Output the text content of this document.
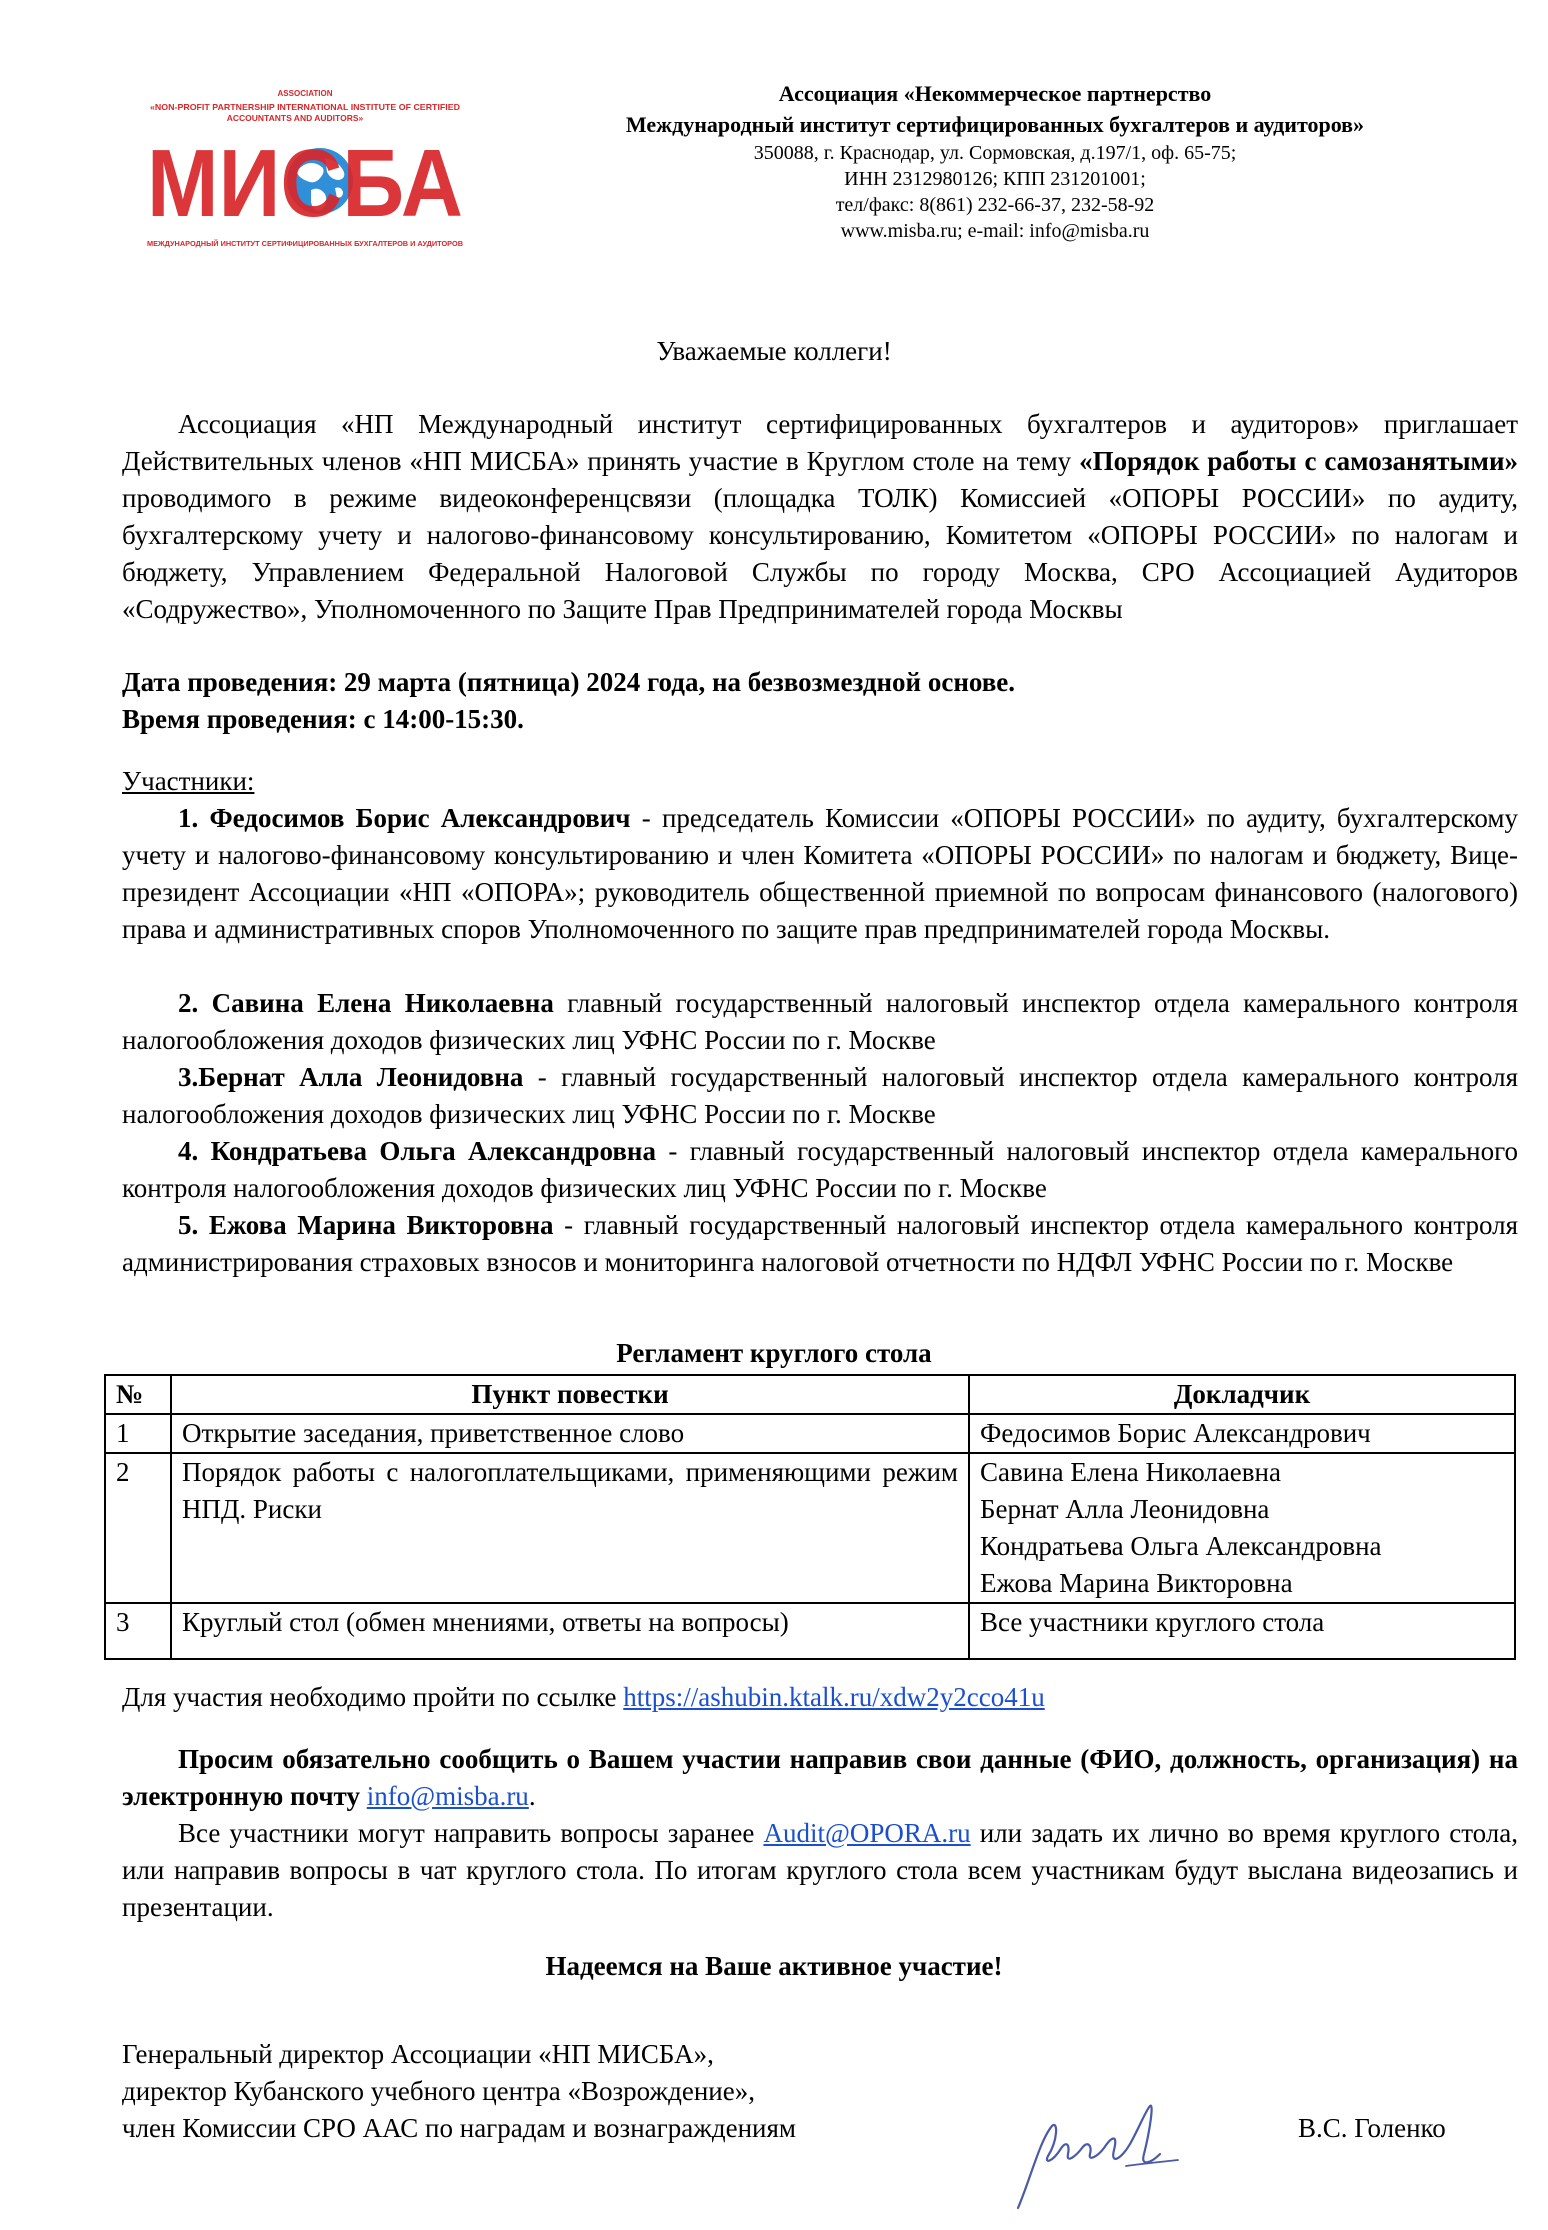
ASSOCIATION
«NON-PROFIT PARTNERSHIP INTERNATIONAL INSTITUTE OF CERTIFIED
ACCOUNTANTS AND AUDITORS»
МИСБА
МЕЖДУНАРОДНЫЙ ИНСТИТУТ СЕРТИФИЦИРОВАННЫХ БУХГАЛТЕРОВ И АУДИТОРОВ
Ассоциация «Некоммерческое партнерство
Международный институт сертифицированных бухгалтеров и аудиторов»
350088, г. Краснодар, ул. Сормовская, д.197/1, оф. 65-75;
ИНН 2312980126; КПП 231201001;
тел/факс: 8(861) 232-66-37, 232-58-92
www.misba.ru; e-mail: info@misba.ru
Уважаемые коллеги!
Ассоциация «НП Международный институт сертифицированных бухгалтеров и аудиторов» приглашает Действительных членов «НП МИСБА» принять участие в Круглом столе на тему «Порядок работы с самозанятыми» проводимого в режиме видеоконференцсвязи (площадка ТОЛК) Комиссией «ОПОРЫ РОССИИ» по аудиту, бухгалтерскому учету и налогово-финансовому консультированию, Комитетом «ОПОРЫ РОССИИ» по налогам и бюджету, Управлением Федеральной Налоговой Службы по городу Москва, СРО Ассоциацией Аудиторов «Содружество», Уполномоченного по Защите Прав Предпринимателей города Москвы
Дата проведения: 29 марта (пятница) 2024 года, на безвозмездной основе.
Время проведения: с 14:00-15:30.
Участники:
1. Федосимов Борис Александрович - председатель Комиссии «ОПОРЫ РОССИИ» по аудиту, бухгалтерскому учету и налогово-финансовому консультированию и член Комитета «ОПОРЫ РОССИИ» по налогам и бюджету, Вице-президент Ассоциации «НП «ОПОРА»; руководитель общественной приемной по вопросам финансового (налогового) права и административных споров Уполномоченного по защите прав предпринимателей города Москвы.
2. Савина Елена Николаевна главный государственный налоговый инспектор отдела камерального контроля налогообложения доходов физических лиц УФНС России по г. Москве
3.Бернат Алла Леонидовна - главный государственный налоговый инспектор отдела камерального контроля налогообложения доходов физических лиц УФНС России по г. Москве
4. Кондратьева Ольга Александровна - главный государственный налоговый инспектор отдела камерального контроля налогообложения доходов физических лиц УФНС России по г. Москве
5. Ежова Марина Викторовна - главный государственный налоговый инспектор отдела камерального контроля администрирования страховых взносов и мониторинга налоговой отчетности по НДФЛ УФНС России по г. Москве
Регламент круглого стола
№	Пункт повестки	Докладчик
1	Открытие заседания, приветственное слово	Федосимов Борис Александрович

2	Порядок работы с налогоплательщиками, применяющими режим НПД. Риски	Савина Елена Николаевна
Бернат Алла Леонидовна
Кондратьева Ольга Александровна
Ежова Марина Викторовна

3	Круглый стол (обмен мнениями, ответы на вопросы)	Все участники круглого стола
Для участия необходимо пройти по ссылке https://ashubin.ktalk.ru/xdw2y2cco41u
Просим обязательно сообщить о Вашем участии направив свои данные (ФИО, должность, организация) на электронную почту info@misba.ru.
Все участники могут направить вопросы заранее Audit@OPORA.ru или задать их лично во время круглого стола, или направив вопросы в чат круглого стола. По итогам круглого стола всем участникам будут выслана видеозапись и презентации.
Надеемся на Ваше активное участие!
Генеральный директор Ассоциации «НП МИСБА»,
директор Кубанского учебного центра «Возрождение»,
член Комиссии СРО ААС по наградам и вознаграждениям	В.С. Голенко
